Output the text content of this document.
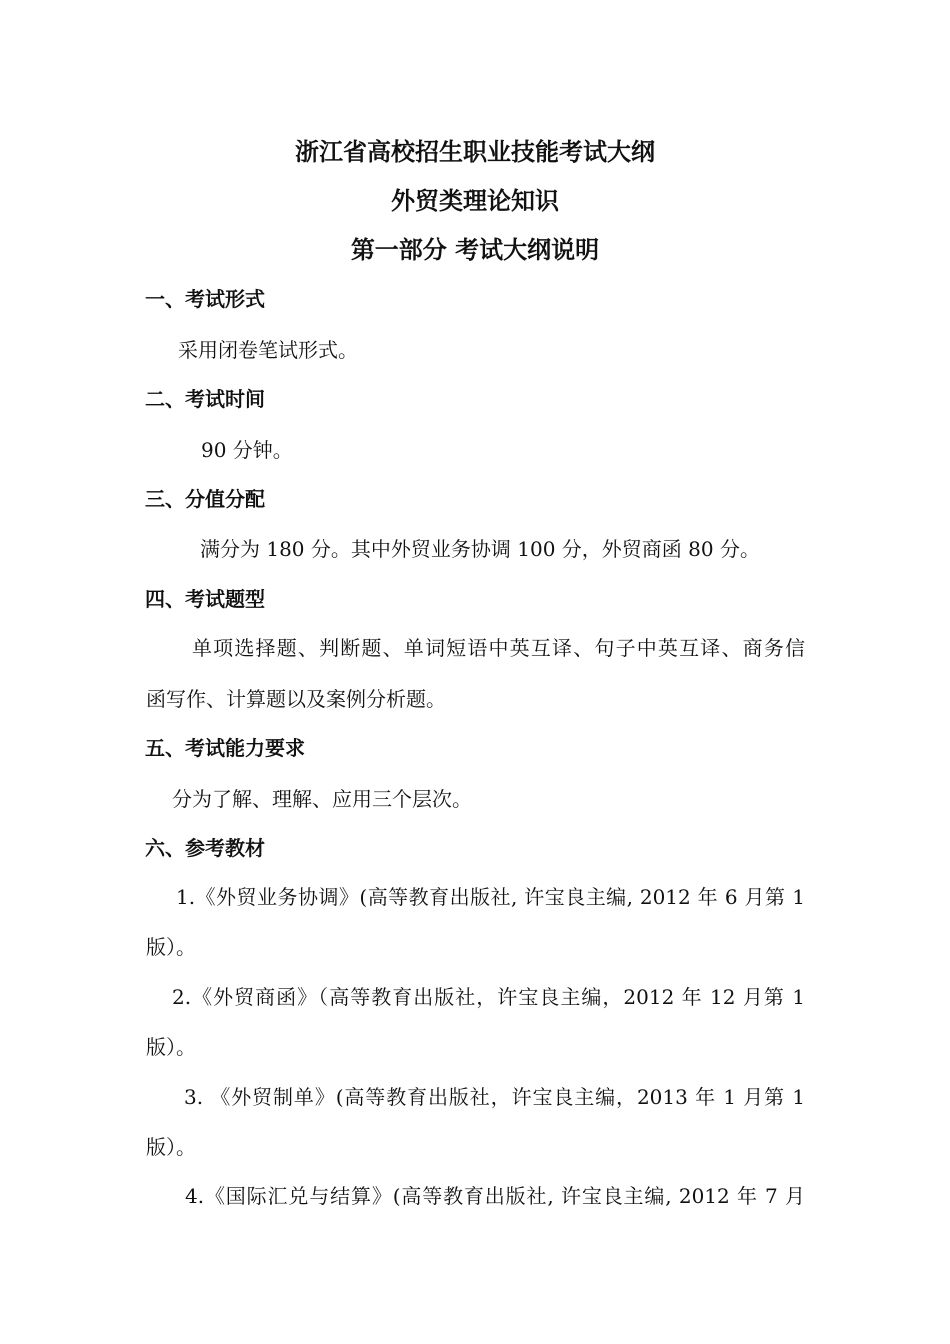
浙江省高校招生职业技能考试大纲
外贸类理论知识
第一部分 考试大纲说明
一、考试形式
采用闭卷笔试形式。
二、考试时间
90 分钟。
三、分值分配
满分为 180 分。其中外贸业务协调 100 分，外贸商函 80 分。
四、考试题型
单项选择题、判断题、单词短语中英互译、句子中英互译、商务信
函写作、计算题以及案例分析题。
五、考试能力要求
分为了解、理解、应用三个层次。
六、参考教材
1.《外贸业务协调》(高等教育出版社, 许宝良主编, 2012 年 6 月第 1
版）。
2.《外贸商函》（高等教育出版社，许宝良主编，2012 年 12 月第 1
版）。
3. 《外贸制单》(高等教育出版社，许宝良主编，2013 年 1 月第 1
版）。
4.《国际汇兑与结算》(高等教育出版社, 许宝良主编, 2012 年 7 月
